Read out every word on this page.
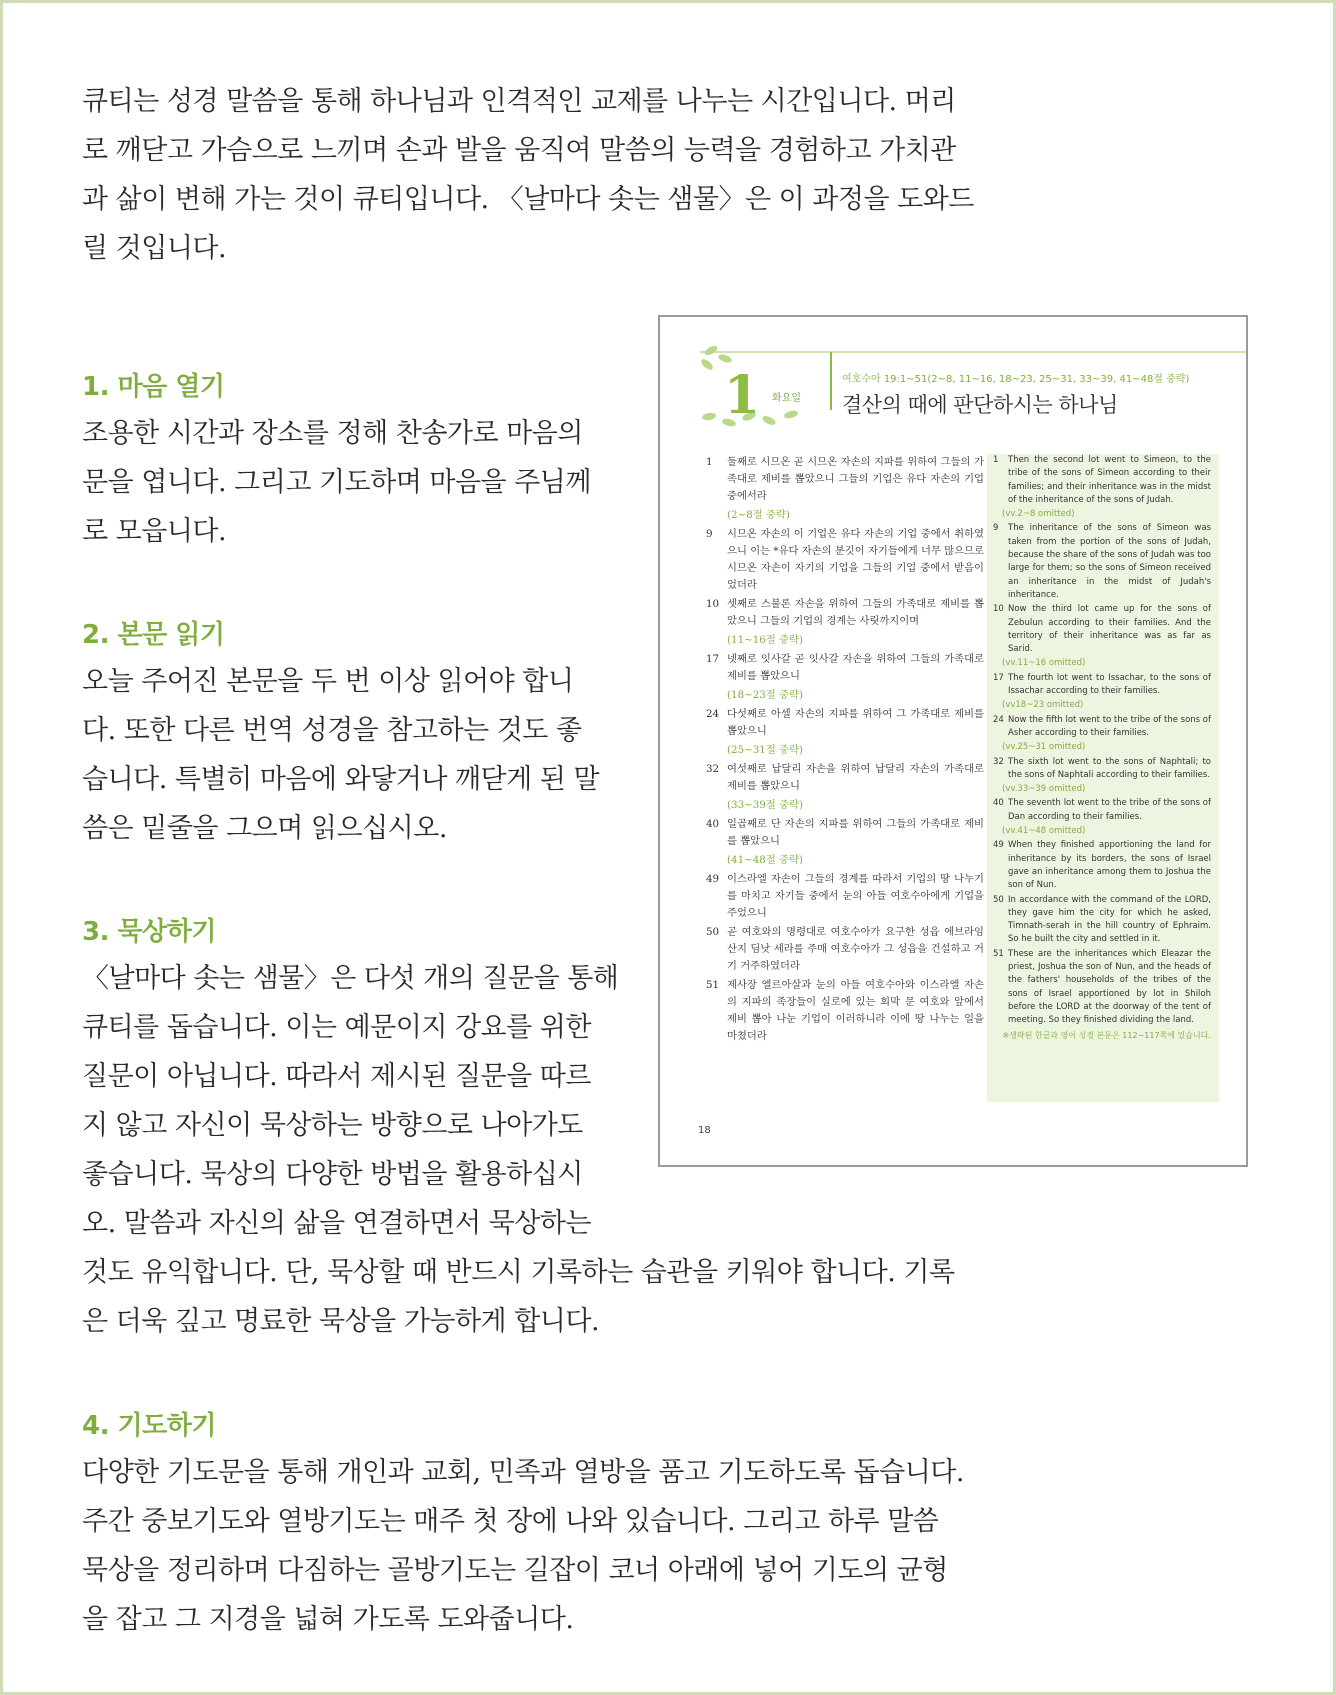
큐티는 성경 말씀을 통해 하나님과 인격적인 교제를 나누는 시간입니다. 머리

로 깨닫고 가슴으로 느끼며 손과 발을 움직여 말씀의 능력을 경험하고 가치관

과 삶이 변해 가는 것이 큐티입니다. 〈날마다 솟는 샘물〉은 이 과정을 도와드

릴 것입니다.

1. 마음 열기

조용한 시간과 장소를 정해 찬송가로 마음의

문을 엽니다. 그리고 기도하며 마음을 주님께

로 모읍니다.

2. 본문 읽기

오늘 주어진 본문을 두 번 이상 읽어야 합니

다. 또한 다른 번역 성경을 참고하는 것도 좋

습니다. 특별히 마음에 와닿거나 깨닫게 된 말

씀은 밑줄을 그으며 읽으십시오.

3. 묵상하기

〈날마다 솟는 샘물〉은 다섯 개의 질문을 통해

큐티를 돕습니다. 이는 예문이지 강요를 위한

질문이 아닙니다. 따라서 제시된 질문을 따르

지 않고 자신이 묵상하는 방향으로 나아가도

좋습니다. 묵상의 다양한 방법을 활용하십시

오. 말씀과 자신의 삶을 연결하면서 묵상하는

것도 유익합니다. 단, 묵상할 때 반드시 기록하는 습관을 키워야 합니다. 기록

은 더욱 깊고 명료한 묵상을 가능하게 합니다.

4. 기도하기

다양한 기도문을 통해 개인과 교회, 민족과 열방을 품고 기도하도록 돕습니다.

주간 중보기도와 열방기도는 매주 첫 장에 나와 있습니다. 그리고 하루 말씀

묵상을 정리하며 다짐하는 골방기도는 길잡이 코너 아래에 넣어 기도의 균형

을 잡고 그 지경을 넓혀 가도록 도와줍니다.

1 화요일
여호수아 19:1~51(2~8, 11~16, 18~23, 25~31, 33~39, 41~48절 중략)
결산의 때에 판단하시는 하나님
1 둘째로 시므온 곧 시므온 자손의 지파를 위하여 그들의 가족대로 제비를 뽑았으니 그들의 기업은 유다 자손의 기업 중에서라
(2~8절 중략)
9 시므온 자손의 이 기업은 유다 자손의 기업 중에서 취하였으니 이는 *유다 자손의 분깃이 자기들에게 너무 많으므로 시므온 자손이 자기의 기업을 그들의 기업 중에서 받음이었더라
10 셋째로 스불론 자손을 위하여 그들의 가족대로 제비를 뽑았으니 그들의 기업의 경계는 사릿까지이며
(11~16절 중략)
17 넷째로 잇사갈 곧 잇사갈 자손을 위하여 그들의 가족대로 제비를 뽑았으니
(18~23절 중략)
24 다섯째로 아셀 자손의 지파를 위하여 그 가족대로 제비를 뽑았으니
(25~31절 중략)
32 여섯째로 납달리 자손을 위하여 납달리 자손의 가족대로 제비를 뽑았으니
(33~39절 중략)
40 일곱째로 단 자손의 지파를 위하여 그들의 가족대로 제비를 뽑았으니
(41~48절 중략)
49 이스라엘 자손이 그들의 경계를 따라서 기업의 땅 나누기를 마치고 자기들 중에서 눈의 아들 여호수아에게 기업을 주었으니
50 곧 여호와의 명령대로 여호수아가 요구한 성읍 에브라임산지 딤낫 세라를 주매 여호수아가 그 성읍을 건설하고 거기 거주하였더라
51 제사장 엘르아살과 눈의 아들 여호수아와 이스라엘 자손의 지파의 족장들이 실로에 있는 회막 문 여호와 앞에서 제비 뽑아 나눈 기업이 이러하니라 이에 땅 나누는 일을 마쳤더라
1 Then the second lot went to Simeon, to the tribe of the sons of Simeon according to their families; and their inheritance was in the midst of the inheritance of the sons of Judah.
(vv.2~8 omitted)
9 The inheritance of the sons of Simeon was taken from the portion of the sons of Judah, because the share of the sons of Judah was too large for them; so the sons of Simeon received an inheritance in the midst of Judah's inheritance.
10 Now the third lot came up for the sons of Zebulun according to their families. And the territory of their inheritance was as far as Sarid.
(vv.11~16 omitted)
17 The fourth lot went to Issachar, to the sons of Issachar according to their families.
(vv18~23 omitted)
24 Now the fifth lot went to the tribe of the sons of Asher according to their families.
(vv.25~31 omitted)
32 The sixth lot went to the sons of Naphtali; to the sons of Naphtali according to their families.
(vv.33~39 omitted)
40 The seventh lot went to the tribe of the sons of Dan according to their families.
(vv.41~48 omitted)
49 When they finished apportioning the land for inheritance by its borders, the sons of Israel gave an inheritance among them to Joshua the son of Nun.
50 In accordance with the command of the LORD, they gave him the city for which he asked, Timnath-serah in the hill country of Ephraim. So he built the city and settled in it.
51 These are the inheritances which Eleazar the priest, Joshua the son of Nun, and the heads of the fathers' households of the tribes of the sons of Israel apportioned by lot in Shiloh before the LORD at the doorway of the tent of meeting. So they finished dividing the land.
※생략된 한글과 영어 성경 본문은 112~117쪽에 있습니다.
18
